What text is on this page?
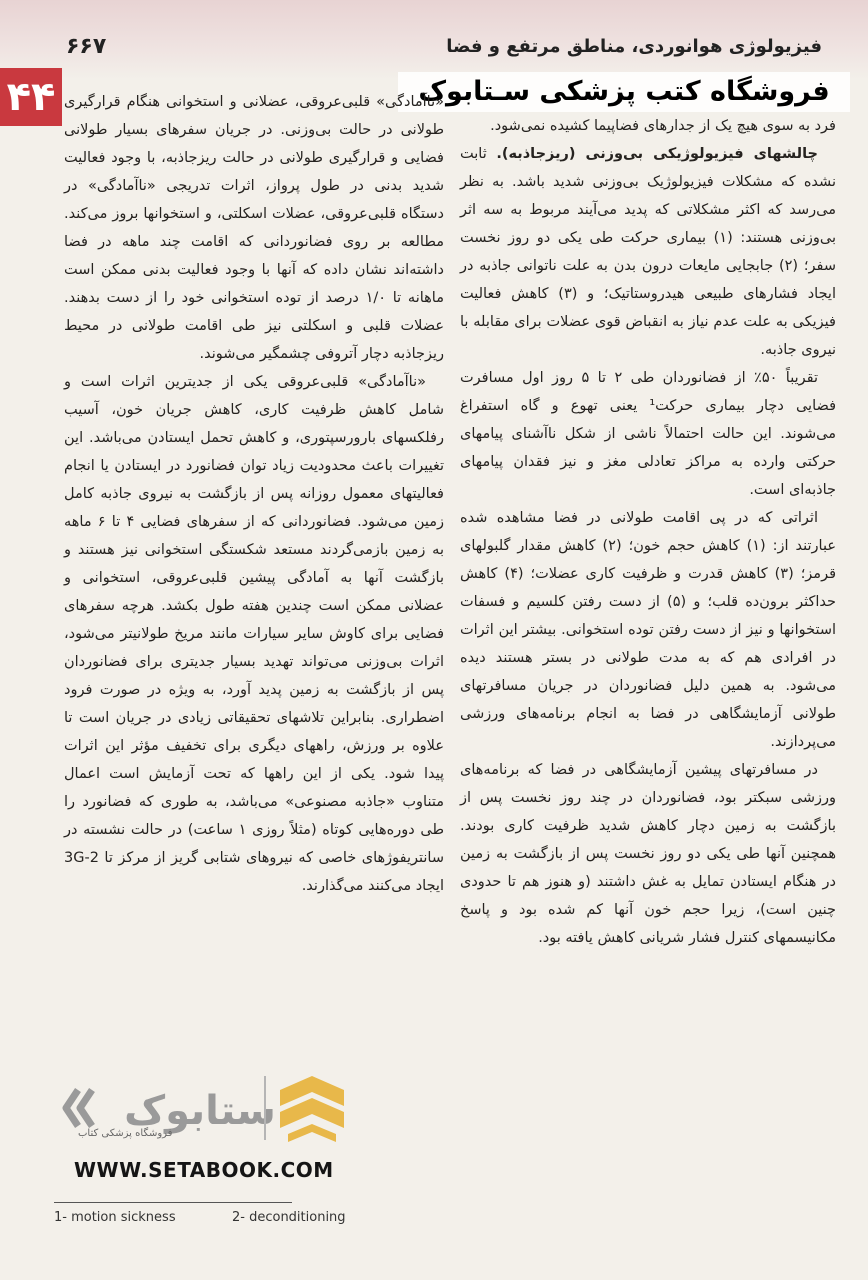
۶۶۷	فیزیولوژی هوانوردی، مناطق مرتفع و فضا
۴۴	فروشگاه کتب پزشکی سـتابوک

«ناآمادگی» قلبی‌عروقی، عضلانی و استخوانی هنگام قرارگیری طولانی در حالت بی‌وزنی. در جریان سفرهای بسیار طولانی فضایی و قرارگیری طولانی در حالت ریزجاذبه، با وجود فعالیت شدید بدنی در طول پرواز، اثرات تدریجی «ناآمادگی» در دستگاه قلبی‌عروقی، عضلات اسکلتی، و استخوانها بروز می‌کند. مطالعه بر روی فضانوردانی که اقامت چند ماهه در فضا داشته‌اند نشان داده که آنها با وجود فعالیت بدنی ممکن است ماهانه تا ۱/۰ درصد از توده استخوانی خود را از دست بدهند. عضلات قلبی و اسکلتی نیز طی اقامت طولانی در محیط ریزجاذبه دچار آتروفی چشمگیر می‌شوند.

«ناآمادگی» قلبی‌عروقی یکی از جدیترین اثرات است و شامل کاهش ظرفیت کاری، کاهش جریان خون، آسیب رفلکسهای بارورسپتوری، و کاهش تحمل ایستادن می‌باشد. این تغییرات باعث محدودیت زیاد توان فضانورد در ایستادن یا انجام فعالیتهای معمول روزانه پس از بازگشت به نیروی جاذبه کامل زمین می‌شود. فضانوردانی که از سفرهای فضایی ۴ تا ۶ ماهه به زمین بازمی‌گردند مستعد شکستگی استخوانی نیز هستند و بازگشت آنها به آمادگی پیشین قلبی‌عروقی، استخوانی و عضلانی ممکن است چندین هفته طول بکشد. هرچه سفرهای فضایی برای کاوش سایر سیارات مانند مریخ طولانیتر می‌شود، اثرات بی‌وزنی می‌تواند تهدید بسیار جدیتری برای فضانوردان پس از بازگشت به زمین پدید آورد، به ویژه در صورت فرود اضطراری. بنابراین تلاشهای تحقیقاتی زیادی در جریان است تا علاوه بر ورزش، راههای دیگری برای تخفیف مؤثر این اثرات پیدا شود. یکی از این راهها که تحت آزمایش است اعمال متناوب «جاذبه مصنوعی» می‌باشد، به طوری که فضانورد را طی دوره‌هایی کوتاه (مثلاً روزی ۱ ساعت) در حالت نشسته در سانتریفوژهای خاصی که نیروهای شتابی گریز از مرکز تا 2-3G ایجاد می‌کنند می‌گذارند.

فرد به سوی هیچ یک از جدارهای فضاپیما کشیده نمی‌شود.

چالشهای فیزیولوژیکی بی‌وزنی (ریزجاذبه). ثابت نشده که مشکلات فیزیولوژیک بی‌وزنی شدید باشد. به نظر می‌رسد که اکثر مشکلاتی که پدید می‌آیند مربوط به سه اثر بی‌وزنی هستند: (۱) بیماری حرکت طی یکی دو روز نخست سفر؛ (۲) جابجایی مایعات درون بدن به علت ناتوانی جاذبه در ایجاد فشارهای طبیعی هیدروستاتیک؛ و (۳) کاهش فعالیت فیزیکی به علت عدم نیاز به انقباض قوی عضلات برای مقابله با نیروی جاذبه.

تقریباً ۵۰٪ از فضانوردان طی ۲ تا ۵ روز اول مسافرت فضایی دچار بیماری حرکت¹ یعنی تهوع و گاه استفراغ می‌شوند. این حالت احتمالاً ناشی از شکل ناآشنای پیامهای حرکتی وارده به مراکز تعادلی مغز و نیز فقدان پیامهای جاذبه‌ای است.

اثراتی که در پی اقامت طولانی در فضا مشاهده شده عبارتند از: (۱) کاهش حجم خون؛ (۲) کاهش مقدار گلبولهای قرمز؛ (۳) کاهش قدرت و ظرفیت کاری عضلات؛ (۴) کاهش حداکثر برون‌ده قلب؛ و (۵) از دست رفتن کلسیم و فسفات استخوانها و نیز از دست رفتن توده استخوانی. بیشتر این اثرات در افرادی هم که به مدت طولانی در بستر هستند دیده می‌شود. به همین دلیل فضانوردان در جریان مسافرتهای طولانی آزمایشگاهی در فضا به انجام برنامه‌های ورزشی می‌پردازند.

در مسافرتهای پیشین آزمایشگاهی در فضا که برنامه‌های ورزشی سبکتر بود، فضانوردان در چند روز نخست پس از بازگشت به زمین دچار کاهش شدید ظرفیت کاری بودند. همچنین آنها طی یکی دو روز نخست پس از بازگشت به زمین در هنگام ایستادن تمایل به غش داشتند (و هنوز هم تا حدودی چنین است)، زیرا حجم خون آنها کم شده بود و پاسخ مکانیسمهای کنترل فشار شریانی کاهش یافته بود.

ستابوک
فروشگاه پزشکی کتاب
WWW.SETABOOK.COM
1- motion sickness	2- deconditioning
